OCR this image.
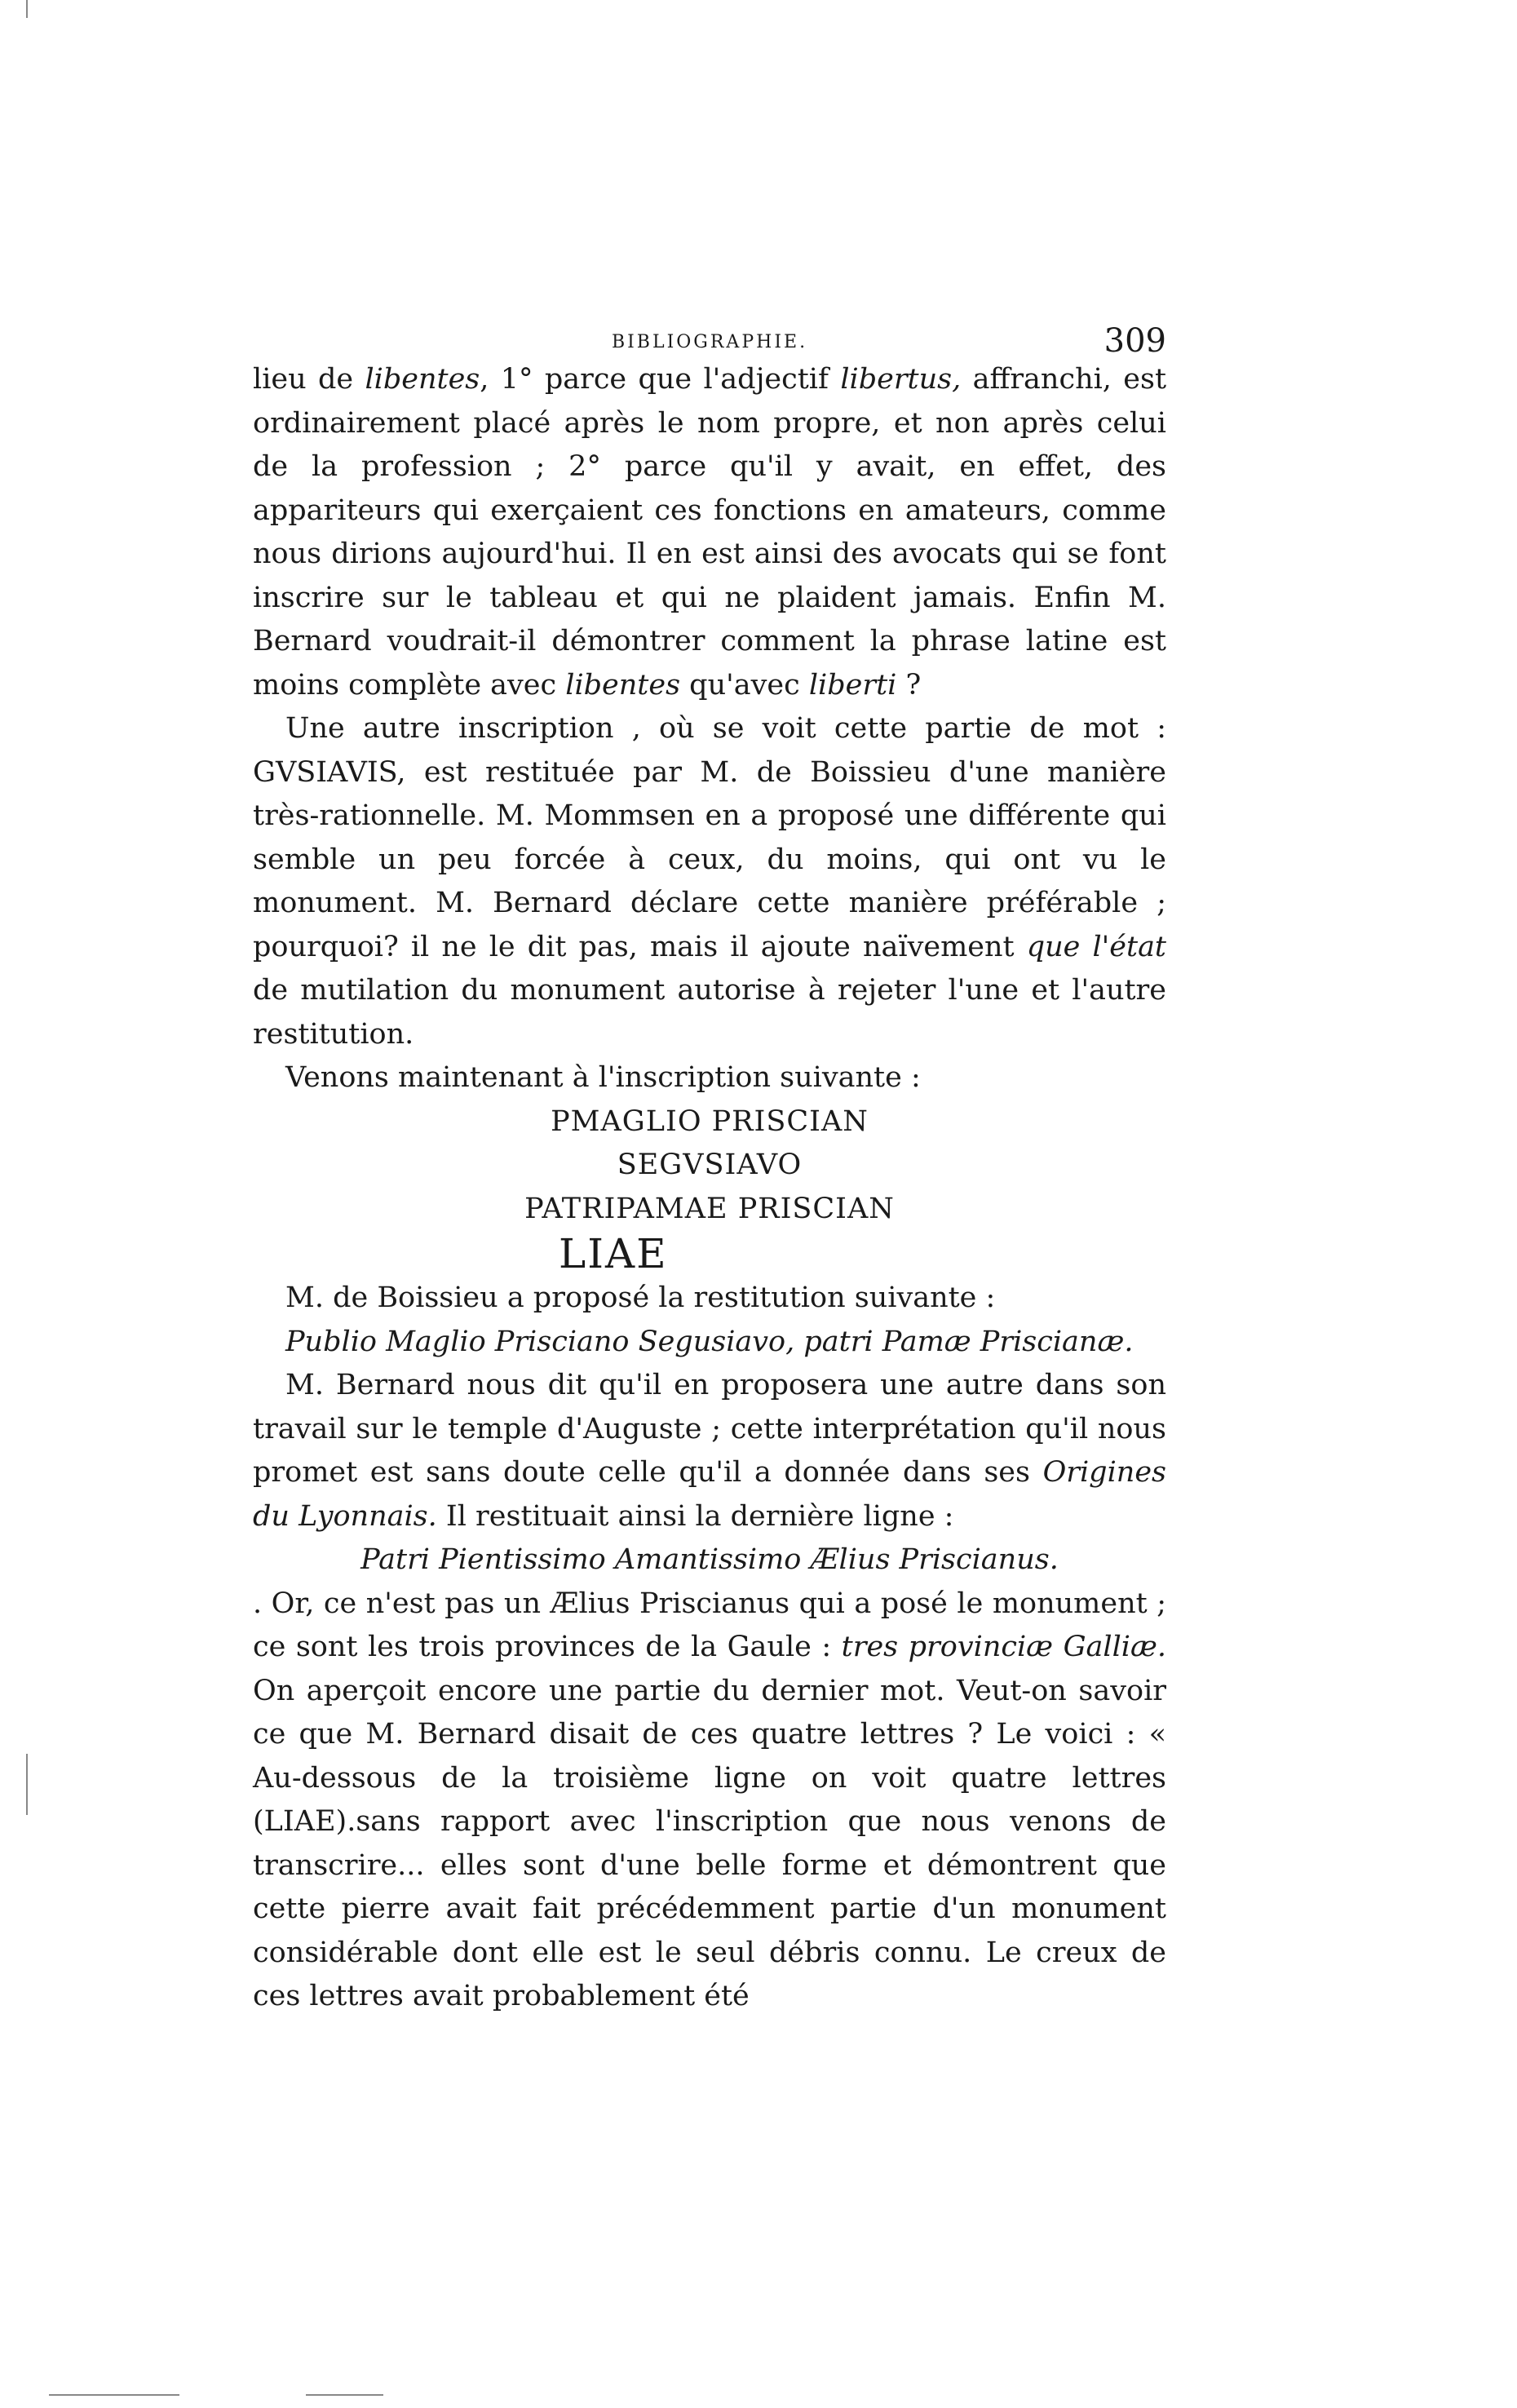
BIBLIOGRAPHIE.	309

lieu de libentes, 1° parce que l'adjectif libertus, affranchi, est ordinairement placé après le nom propre, et non après celui de la profession ; 2° parce qu'il y avait, en effet, des appariteurs qui exerçaient ces fonctions en amateurs, comme nous dirions aujourd'hui. Il en est ainsi des avocats qui se font inscrire sur le tableau et qui ne plaident jamais. Enfin M. Bernard voudrait-il démontrer comment la phrase latine est moins complète avec libentes qu'avec liberti ?

Une autre inscription , où se voit cette partie de mot : GVSIAVIS, est restituée par M. de Boissieu d'une manière très-rationnelle. M. Mommsen en a proposé une différente qui semble un peu forcée à ceux, du moins, qui ont vu le monument. M. Bernard déclare cette manière préférable ; pourquoi? il ne le dit pas, mais il ajoute naïvement que l'état de mutilation du monument autorise à rejeter l'une et l'autre restitution.

Venons maintenant à l'inscription suivante :

PMAGLIO PRISCIAN
SEGVSIAVO
PATRIPAMAE PRISCIAN
LIAE

M. de Boissieu a proposé la restitution suivante :

Publio Maglio Prisciano Segusiavo, patri Pamæ Priscianæ.

M. Bernard nous dit qu'il en proposera une autre dans son travail sur le temple d'Auguste ; cette interprétation qu'il nous promet est sans doute celle qu'il a donnée dans ses Origines du Lyonnais. Il restituait ainsi la dernière ligne :

Patri Pientissimo Amantissimo Ælius Priscianus.

. Or, ce n'est pas un Ælius Priscianus qui a posé le monument ; ce sont les trois provinces de la Gaule : tres provinciæ Galliæ. On aperçoit encore une partie du dernier mot. Veut-on savoir ce que M. Bernard disait de ces quatre lettres ? Le voici : « Au-dessous de la troisième ligne on voit quatre lettres (LIAE).sans rapport avec l'inscription que nous venons de transcrire... elles sont d'une belle forme et démontrent que cette pierre avait fait précédemment partie d'un monument considérable dont elle est le seul débris connu. Le creux de ces lettres avait probablement été
